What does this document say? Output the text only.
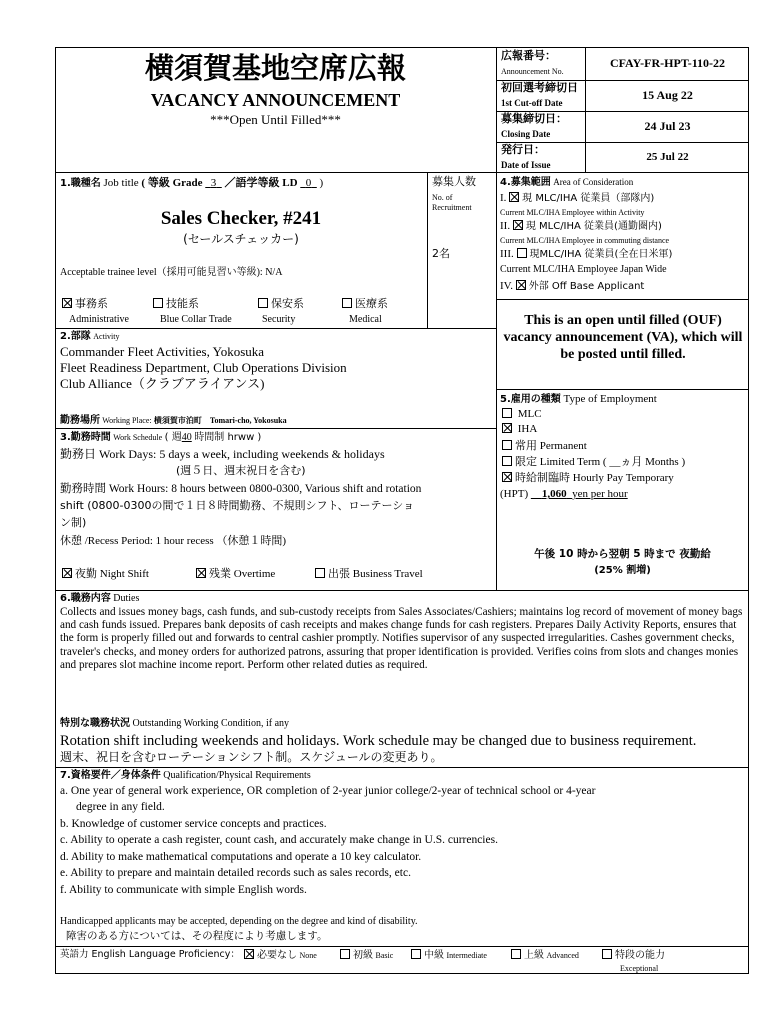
横須賀基地空席広報
VACANCY ANNOUNCEMENT
***Open Until Filled***
広報番号：
Announcement No.
CFAY-FR-HPT-110-22
初回選考締切日
1st Cut-off Date
15 Aug 22
募集締切日：
Closing Date
24 Jul 23
発行日：
Date of Issue
25 Jul 22
1.職種名 Job title ( 等級 Grade 3 ／語学等級 LD 0 )
Sales Checker, #241
(セールスチェッカー)
Acceptable trainee level（採用可能見習い等級): N/A
募集人数
No. of
Recruitment
2名
事務系
Administrative
技能系
Blue Collar Trade
保安系
Security
医療系
Medical
4.募集範囲 Area of Consideration
I. 現 MLC/IHA 従業員（部隊内)
Current MLC/IHA Employee within Activity
II. 現 MLC/IHA 従業員(通勤圏内)
Current MLC/IHA Employee in commuting distance
III. 現MLC/IHA 従業員(全在日米軍)
Current MLC/IHA Employee Japan Wide
IV. 外部 Off Base Applicant
This is an open until filled (OUF) vacancy announcement (VA), which will be posted until filled.
2.部隊 Activity
Commander Fleet Activities, Yokosuka
Fleet Readiness Department, Club Operations Division
Club Alliance（クラブアライアンス)
勤務場所 Working Place: 横須賀市泊町　Tomari-cho, Yokosuka
3.勤務時間 Work Schedule ( 週40 時間制 hrww )
勤務日 Work Days: 5 days a week, including weekends & holidays
(週５日、週末祝日を含む)
勤務時間 Work Hours: 8 hours between 0800-0300, Various shift and rotation
shift (0800-0300の間で１日８時間勤務、不規則シフト、ローテーショ
ン制)
休憩 /Recess Period: 1 hour recess （休憩１時間)
夜勤 Night Shift	残業 Overtime	出張 Business Travel
5.雇用の種類 Type of Employment
MLC
IHA
常用 Permanent
限定 Limited Term ( __ヵ月 Months )
時給制臨時 Hourly Pay Temporary
(HPT) 1,060 yen per hour
午後 10 時から翌朝 5 時まで 夜勤給
(25% 割増)
6.職務内容 Duties
Collects and issues money bags, cash funds, and sub-custody receipts from Sales Associates/Cashiers; maintains log record of movement of money bags and cash funds issued. Prepares bank deposits of cash receipts and makes change funds for cash registers. Prepares Daily Activity Reports, ensures that the form is properly filled out and forwards to central cashier promptly. Notifies supervisor of any suspected irregularities. Cashes government checks, traveler's checks, and money orders for authorized patrons, assuring that proper identification is provided. Verifies coins from slots and changes monies and prepares slot machine income report. Perform other related duties as required.
特別な職務状況 Outstanding Working Condition, if any
Rotation shift including weekends and holidays. Work schedule may be changed due to business requirement.
週末、祝日を含むローテーションシフト制。スケジュールの変更あり。
7.資格要件／身体条件 Qualification/Physical Requirements
a. One year of general work experience, OR completion of 2-year junior college/2-year of technical school or 4-year
degree in any field.
b. Knowledge of customer service concepts and practices.
c. Ability to operate a cash register, count cash, and accurately make change in U.S. currencies.
d. Ability to make mathematical computations and operate a 10 key calculator.
e. Ability to prepare and maintain detailed records such as sales records, etc.
f. Ability to communicate with simple English words.
Handicapped applicants may be accepted, depending on the degree and kind of disability.
障害のある方については、その程度により考慮します。
英語力 English Language Proficiency：	必要なし None	初級 Basic	中級 Intermediate	上級 Advanced	特段の能力
Exceptional
